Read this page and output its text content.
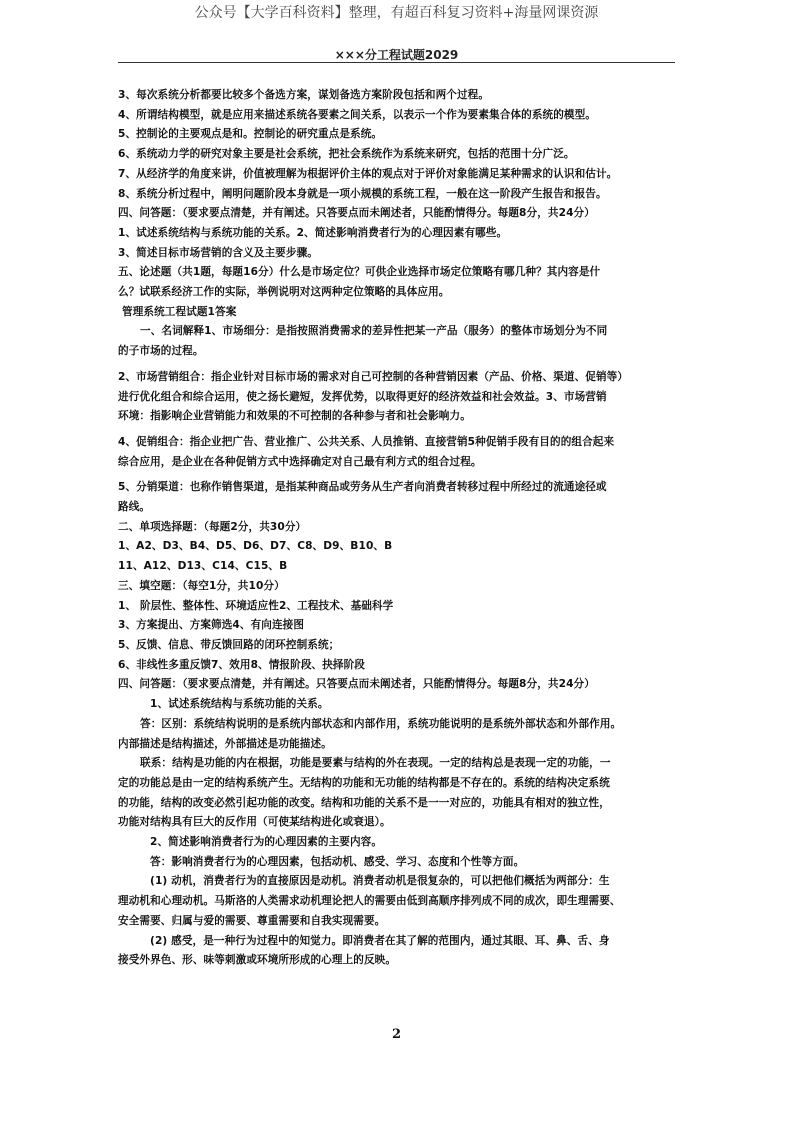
公众号【大学百科资料】整理，有超百科复习资料+海量网课资源
×××分工程试题2029
3、每次系统分析都要比较多个备选方案，谋划备选方案阶段包括和两个过程。
4、所谓结构模型，就是应用来描述系统各要素之间关系，以表示一个作为要素集合体的系统的模型。
5、控制论的主要观点是和。控制论的研究重点是系统。
6、系统动力学的研究对象主要是社会系统，把社会系统作为系统来研究，包括的范围十分广泛。
7、从经济学的角度来讲，价值被理解为根据评价主体的观点对于评价对象能满足某种需求的认识和估计。
8、系统分析过程中，阐明问题阶段本身就是一项小规模的系统工程，一般在这一阶段产生报告和报告。
四、问答题：（要求要点清楚，并有阐述。只答要点而未阐述者，只能酌情得分。每题8分，共24分）
1、试述系统结构与系统功能的关系。2、简述影响消费者行为的心理因素有哪些。
3、简述目标市场营销的含义及主要步骤。
五、论述题（共1题，每题16分）什么是市场定位？可供企业选择市场定位策略有哪几种？其内容是什
么？试联系经济工作的实际，举例说明对这两种定位策略的具体应用。
管理系统工程试题1答案
一、名词解释1、市场细分：是指按照消费需求的差异性把某一产品（服务）的整体市场划分为不同
的子市场的过程。
2、市场营销组合：指企业针对目标市场的需求对自己可控制的各种营销因素（产品、价格、渠道、促销等）
进行优化组合和综合运用，使之扬长避短，发挥优势，以取得更好的经济效益和社会效益。3、市场营销
环境：指影响企业营销能力和效果的不可控制的各种参与者和社会影响力。
4、促销组合：指企业把广告、营业推广、公共关系、人员推销、直接营销5种促销手段有目的的组合起来
综合应用，是企业在各种促销方式中选择确定对自己最有利方式的组合过程。
5、分销渠道：也称作销售渠道，是指某种商品或劳务从生产者向消费者转移过程中所经过的流通途径或
路线。
二、单项选择题：（每题2分，共30分）
1、A2、D3、B4、D5、D6、D7、C8、D9、B10、B
11、A12、D13、C14、C15、B
三、填空题：（每空1分，共10分）
1、 阶层性、整体性、环境适应性2、工程技术、基础科学
3、方案提出、方案筛选4、有向连接图
5、反馈、信息、带反馈回路的闭环控制系统；
6、非线性多重反馈7、效用8、情报阶段、抉择阶段
四、问答题：（要求要点清楚，并有阐述。只答要点而未阐述者，只能酌情得分。每题8分，共24分）
1、试述系统结构与系统功能的关系。
答：区别：系统结构说明的是系统内部状态和内部作用，系统功能说明的是系统外部状态和外部作用。
内部描述是结构描述，外部描述是功能描述。
联系：结构是功能的内在根据，功能是要素与结构的外在表现。一定的结构总是表现一定的功能，一
定的功能总是由一定的结构系统产生。无结构的功能和无功能的结构都是不存在的。系统的结构决定系统
的功能，结构的改变必然引起功能的改变。结构和功能的关系不是一一对应的，功能具有相对的独立性，
功能对结构具有巨大的反作用（可使某结构进化或衰退）。
2、简述影响消费者行为的心理因素的主要内容。
答：影响消费者行为的心理因素，包括动机、感受、学习、态度和个性等方面。
(1) 动机，消费者行为的直接原因是动机。消费者动机是很复杂的，可以把他们概括为两部分：生
理动机和心理动机。马斯洛的人类需求动机理论把人的需要由低到高顺序排列成不同的成次，即生理需要、
安全需要、归属与爱的需要、尊重需要和自我实现需要。
(2) 感受，是一种行为过程中的知觉力。即消费者在其了解的范围内，通过其眼、耳、鼻、舌、身
接受外界色、形、味等刺激或环境所形成的心理上的反映。
2
